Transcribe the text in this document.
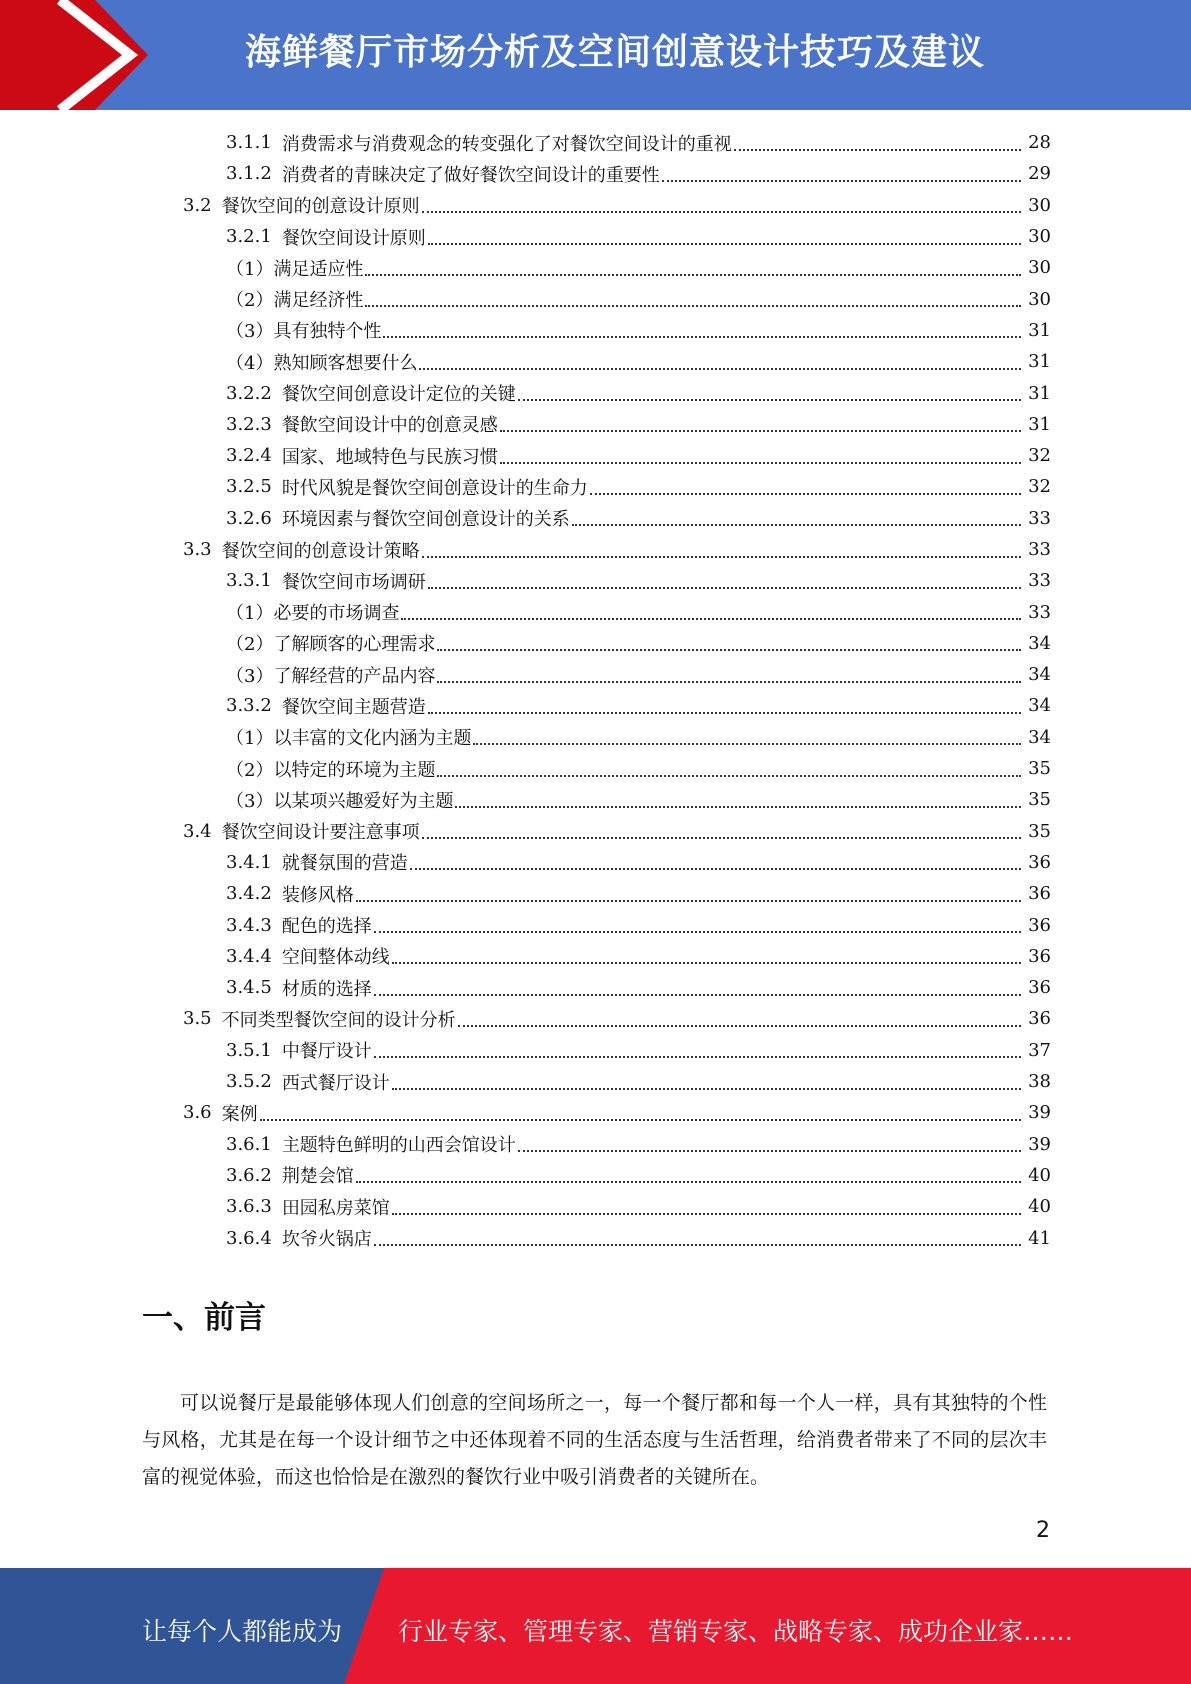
海鲜餐厅市场分析及空间创意设计技巧及建议
3.1.1 消费需求与消费观念的转变强化了对餐饮空间设计的重视	28
3.1.2 消费者的青睐决定了做好餐饮空间设计的重要性	29
3.2 餐饮空间的创意设计原则	30
3.2.1 餐饮空间设计原则	30
（1） 满足适应性	30
（2） 满足经济性	30
（3） 具有独特个性	31
（4） 熟知顾客想要什么	31
3.2.2 餐饮空间创意设计定位的关键	31
3.2.3 餐飲空间设计中的创意灵感	31
3.2.4 国家、地域特色与民族习惯	32
3.2.5 时代风貌是餐饮空间创意设计的生命力	32
3.2.6 环境因素与餐饮空间创意设计的关系	33
3.3 餐饮空间的创意设计策略	33
3.3.1 餐饮空间市场调研	33
（1） 必要的市场调查	33
（2） 了解顾客的心理需求	34
（3） 了解经营的产品内容	34
3.3.2 餐饮空间主题营造	34
（1） 以丰富的文化内涵为主题	34
（2） 以特定的环境为主题	35
（3） 以某项兴趣爱好为主题	35
3.4 餐饮空间设计要注意事项	35
3.4.1 就餐氛围的营造	36
3.4.2 装修风格	36
3.4.3 配色的选择	36
3.4.4 空间整体动线	36
3.4.5 材质的选择	36
3.5 不同类型餐饮空间的设计分析	36
3.5.1 中餐厅设计	37
3.5.2 西式餐厅设计	38
3.6 案例	39
3.6.1 主题特色鲜明的山西会馆设计	39
3.6.2 荆楚会馆	40
3.6.3 田园私房菜馆	40
3.6.4 坎爷火锅店	41
一、前言

可以说餐厅是最能够体现人们创意的空间场所之一，每一个餐厅都和每一个人一样，具有其独特的个性与风格，尤其是在每一个设计细节之中还体现着不同的生活态度与生活哲理，给消费者带来了不同的层次丰富的视觉体验，而这也恰恰是在激烈的餐饮行业中吸引消费者的关键所在。

2
让每个人都能成为 行业专家、管理专家、营销专家、战略专家、成功企业家……
